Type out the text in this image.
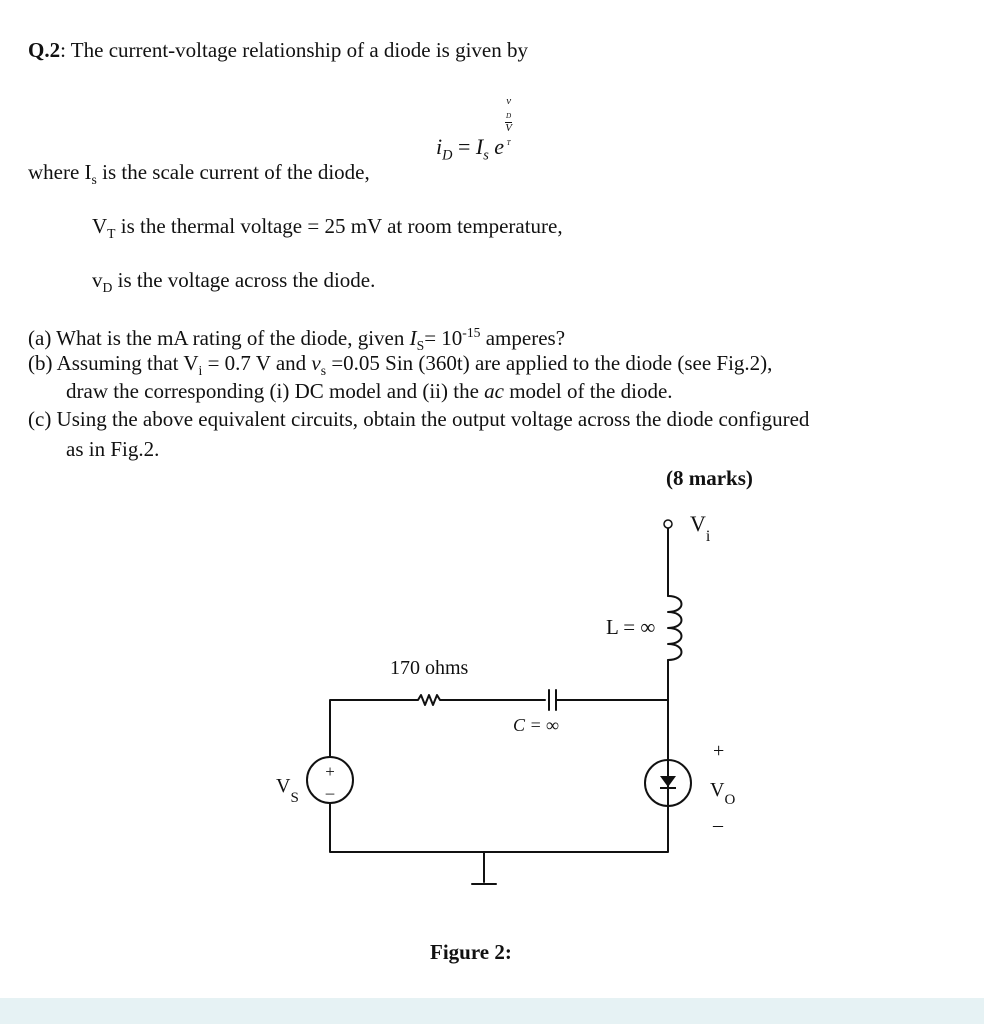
Q.2: The current-voltage relationship of a diode is given by
$i_D = I_s$ e v
$_D$
V
$_T$
where $I_s$ is the scale current of the diode,
$V_T$ is the thermal voltage = 25 mV at room temperature,
$v_D$ is the voltage across the diode.
(a) What is the mA rating of the diode, given $I_S= 10^{-15}$ amperes?
(b) Assuming that $V_i = 0.7$ V and $v_s =0.05$ Sin (360t) are applied to the diode (see Fig.2),
draw the corresponding (i) DC model and (ii) the ac model of the diode.
(c) Using the above equivalent circuits, obtain the output voltage across the diode configured
as in Fig.2.
(8 marks)
+
–
$V_i$
L = ∞
170 ohms
C = ∞
$V_S$
+
$V_O$
–
Figure 2:
